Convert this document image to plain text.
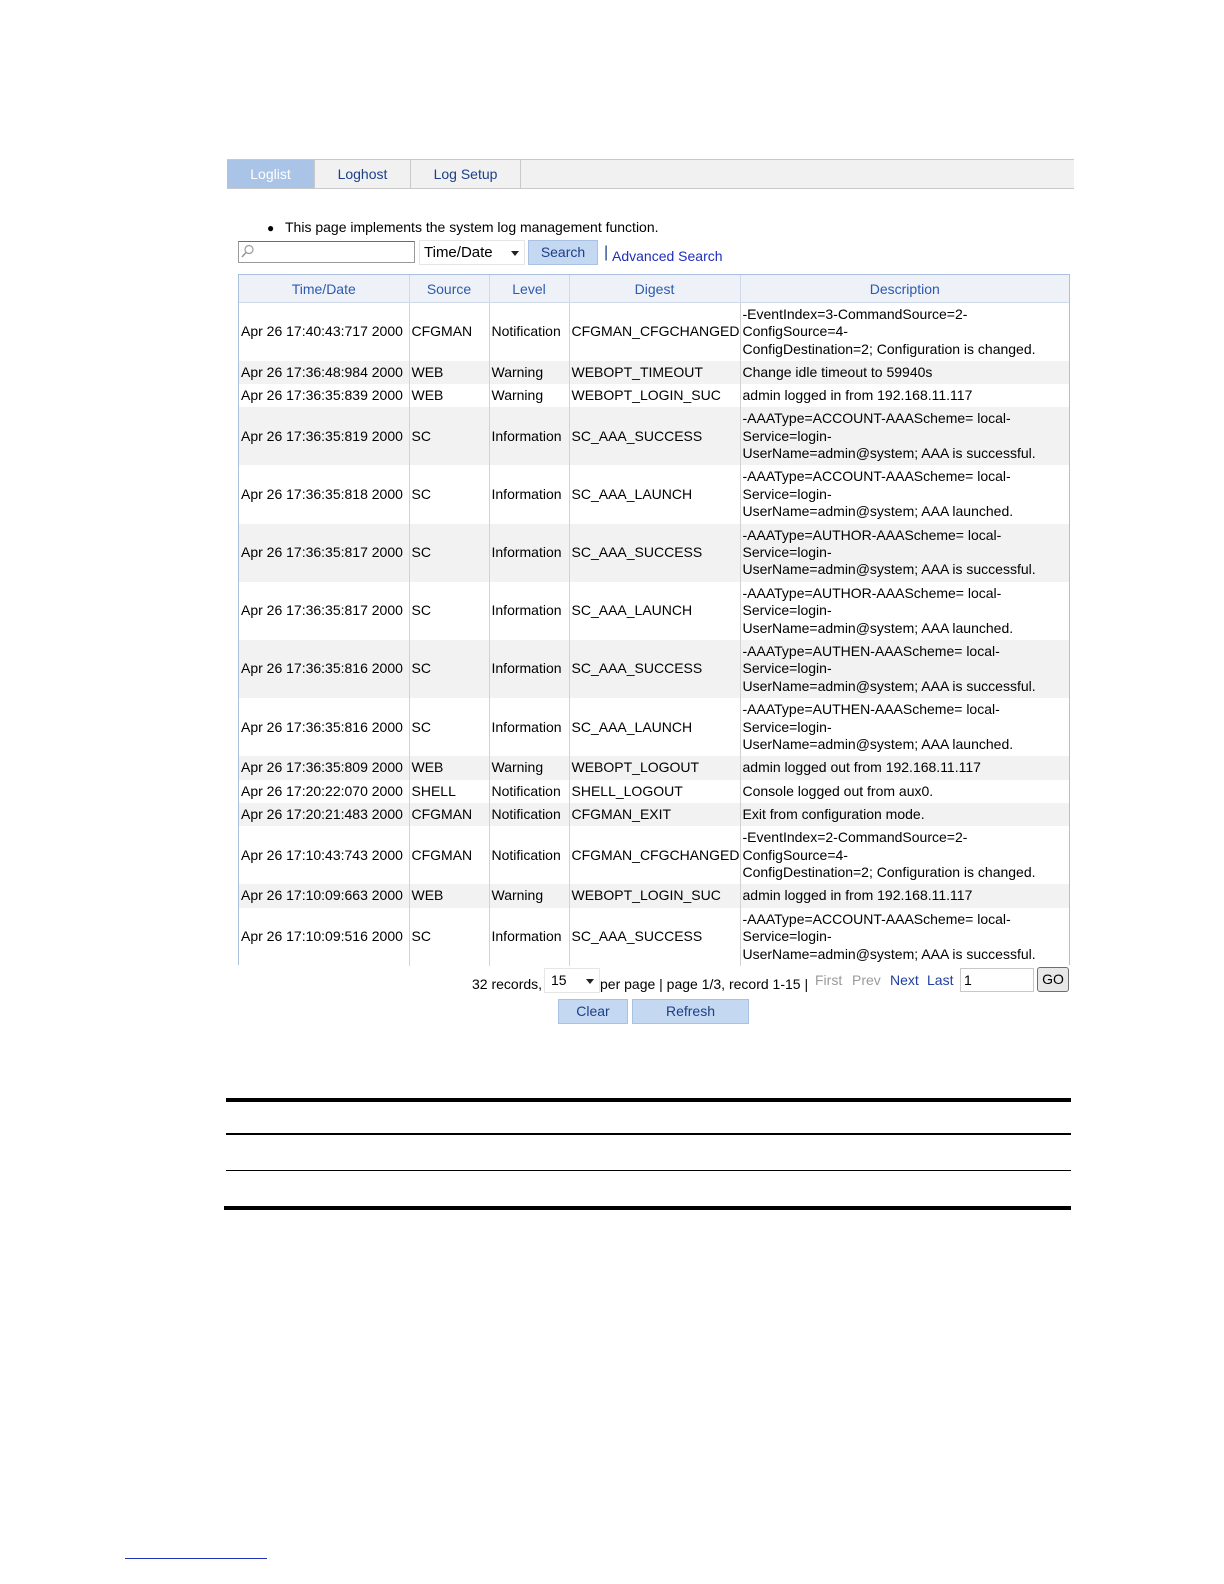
Loglist	Loghost	Log Setup
● This page implements the system log management function.
Time/Date	Search	| Advanced Search
Time/Date	Source	Level	Digest	Description
Apr 26 17:40:43:717 2000	CFGMAN	Notification	CFGMAN_CFGCHANGED	-EventIndex=3-CommandSource=2-
ConfigSource=4-
ConfigDestination=2; Configuration is changed.

Apr 26 17:36:48:984 2000	WEB	Warning	WEBOPT_TIMEOUT	Change idle timeout to 59940s

Apr 26 17:36:35:839 2000	WEB	Warning	WEBOPT_LOGIN_SUC	admin logged in from 192.168.11.117

Apr 26 17:36:35:819 2000	SC	Information	SC_AAA_SUCCESS	-AAAType=ACCOUNT-AAAScheme= local-
Service=login-
UserName=admin@system; AAA is successful.

Apr 26 17:36:35:818 2000	SC	Information	SC_AAA_LAUNCH	-AAAType=ACCOUNT-AAAScheme= local-
Service=login-
UserName=admin@system; AAA launched.

Apr 26 17:36:35:817 2000	SC	Information	SC_AAA_SUCCESS	-AAAType=AUTHOR-AAAScheme= local-
Service=login-
UserName=admin@system; AAA is successful.

Apr 26 17:36:35:817 2000	SC	Information	SC_AAA_LAUNCH	-AAAType=AUTHOR-AAAScheme= local-
Service=login-
UserName=admin@system; AAA launched.

Apr 26 17:36:35:816 2000	SC	Information	SC_AAA_SUCCESS	-AAAType=AUTHEN-AAAScheme= local-
Service=login-
UserName=admin@system; AAA is successful.

Apr 26 17:36:35:816 2000	SC	Information	SC_AAA_LAUNCH	-AAAType=AUTHEN-AAAScheme= local-
Service=login-
UserName=admin@system; AAA launched.

Apr 26 17:36:35:809 2000	WEB	Warning	WEBOPT_LOGOUT	admin logged out from 192.168.11.117

Apr 26 17:20:22:070 2000	SHELL	Notification	SHELL_LOGOUT	Console logged out from aux0.

Apr 26 17:20:21:483 2000	CFGMAN	Notification	CFGMAN_EXIT	Exit from configuration mode.

Apr 26 17:10:43:743 2000	CFGMAN	Notification	CFGMAN_CFGCHANGED	-EventIndex=2-CommandSource=2-
ConfigSource=4-
ConfigDestination=2; Configuration is changed.

Apr 26 17:10:09:663 2000	WEB	Warning	WEBOPT_LOGIN_SUC	admin logged in from 192.168.11.117

Apr 26 17:10:09:516 2000	SC	Information	SC_AAA_SUCCESS	-AAAType=ACCOUNT-AAAScheme= local-
Service=login-
UserName=admin@system; AAA is successful.
32 records, 15	per page | page 1/3, record 1-15 | First Prev Next Last
1	GO
Clear	Refresh
